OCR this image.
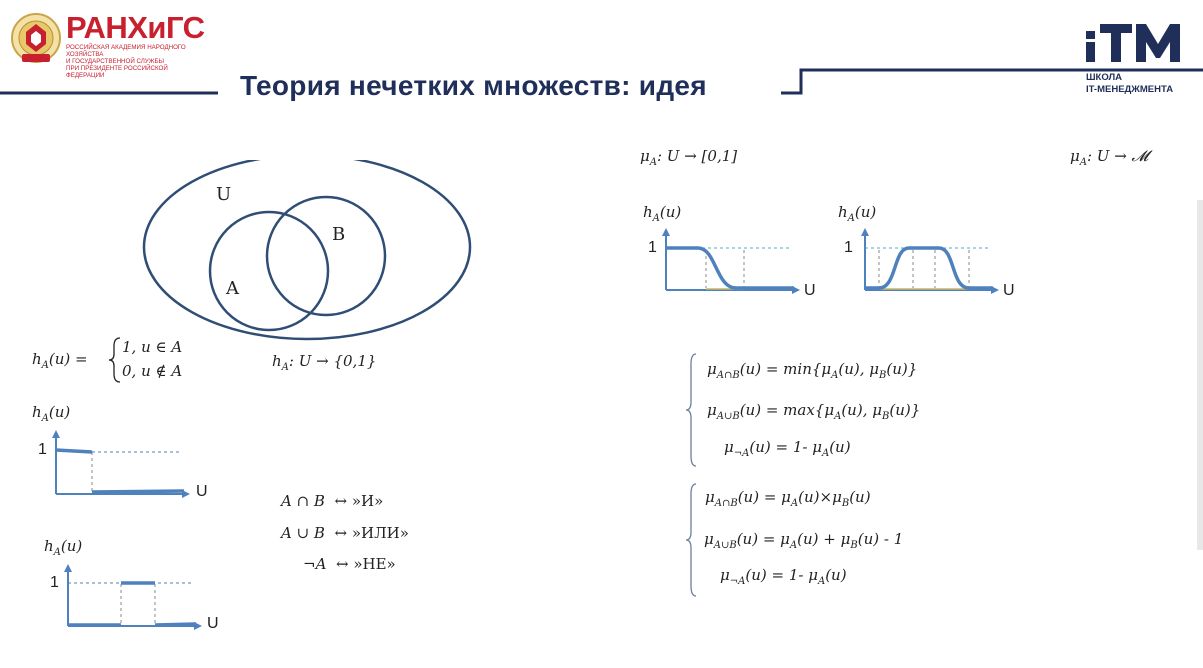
РАНХиГС
РОССИЙСКАЯ АКАДЕМИЯ НАРОДНОГО ХОЗЯЙСТВА
И ГОСУДАРСТВЕННОЙ СЛУЖБЫ
ПРИ ПРЕЗИДЕНТЕ РОССИЙСКОЙ ФЕДЕРАЦИИ	Теория нечетких множеств: идея	ШКОЛА
IT-МЕНЕДЖМЕНТА
U
B
A
$h_A(u)$ =
1, u ∈ A
0, u ∉ A
$h_A$: U → {0,1}
$h_A(u)$
1
U
$h_A(u)$
1
U
A ∩ B ↔ »И»
A ∪ B ↔ »ИЛИ»
¬A ↔ »НЕ»
$\mu_A$: U → [0,1]	$\mu_A$: U → 𝓜
$h_A(u)$
1
U
$h_A(u)$
1
U
$\mu_{A\cap B}(u) = \min\{\mu_A(u)$, $\mu_B(u)$}
$\mu_{A\cup B}(u) = \max\{\mu_A(u)$, $\mu_B(u)$}
$\mu_{\neg A}(u) = 1-$ $\mu_A(u)$
$\mu_{A\cap B}(u) = \mu_A(u)\times\mu_B(u)$
$\mu_{A\cup B}(u) = \mu_A(u) + \mu_B(u) - 1$
$\mu_{\neg A}(u) = 1-$ $\mu_A(u)$
